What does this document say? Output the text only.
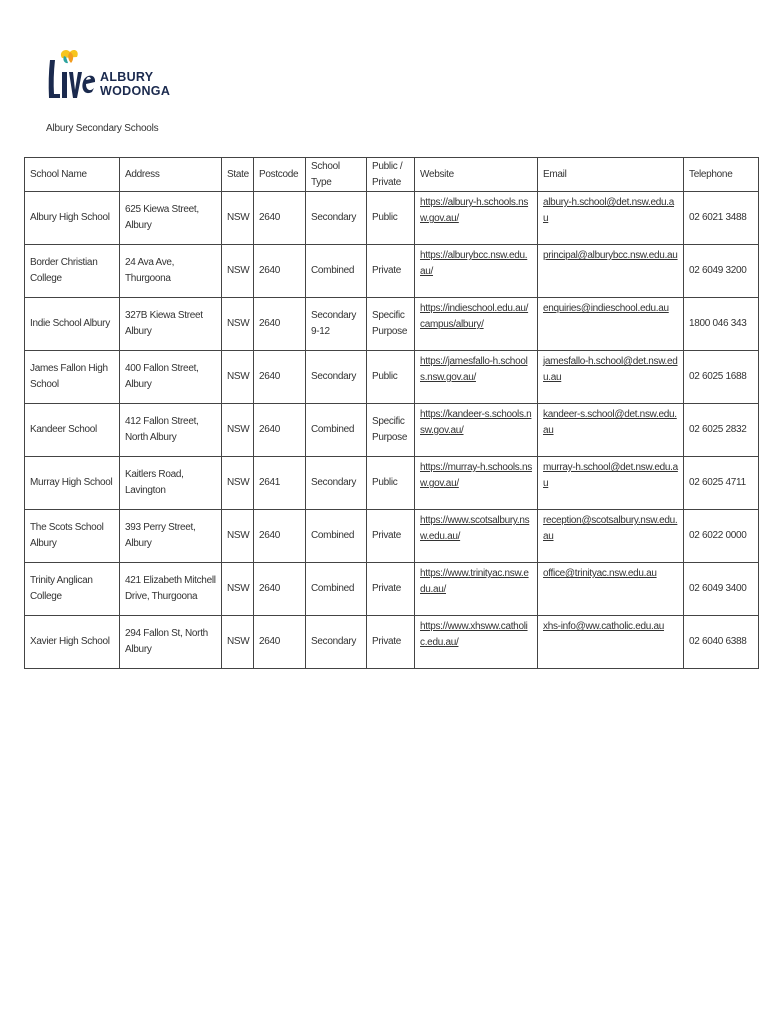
ALBURY
WODONGA
Albury Secondary Schools
School Name	Address	State	Postcode	School Type	Public / Private	Website	Email	Telephone
Albury High School	625 Kiewa Street, Albury	NSW	2640	Secondary	Public	https://albury-h.schools.nsw.gov.au/	albury-h.school@det.nsw.edu.au	02 6021 3488
Border Christian College	24 Ava Ave, Thurgoona	NSW	2640	Combined	Private	https://alburybcc.nsw.edu.au/	principal@alburybcc.nsw.edu.au	02 6049 3200
Indie School Albury	327B Kiewa Street Albury	NSW	2640	Secondary 9-12	Specific Purpose	https://indieschool.edu.au/campus/albury/	enquiries@indieschool.edu.au	1800 046 343
James Fallon High School	400 Fallon Street, Albury	NSW	2640	Secondary	Public	https://jamesfallo-h.schools.nsw.gov.au/	jamesfallo-h.school@det.nsw.edu.au	02 6025 1688
Kandeer School	412 Fallon Street, North Albury	NSW	2640	Combined	Specific Purpose	https://kandeer-s.schools.nsw.gov.au/	kandeer-s.school@det.nsw.edu.au	02 6025 2832
Murray High School	Kaitlers Road, Lavington	NSW	2641	Secondary	Public	https://murray-h.schools.nsw.gov.au/	murray-h.school@det.nsw.edu.au	02 6025 4711
The Scots School Albury	393 Perry Street, Albury	NSW	2640	Combined	Private	https://www.scotsalbury.nsw.edu.au/	reception@scotsalbury.nsw.edu.au	02 6022 0000
Trinity Anglican College	421 Elizabeth Mitchell Drive, Thurgoona	NSW	2640	Combined	Private	https://www.trinityac.nsw.edu.au/	office@trinityac.nsw.edu.au	02 6049 3400
Xavier High School	294 Fallon St, North Albury	NSW	2640	Secondary	Private	https://www.xhsww.catholic.edu.au/	xhs-info@ww.catholic.edu.au	02 6040 6388
